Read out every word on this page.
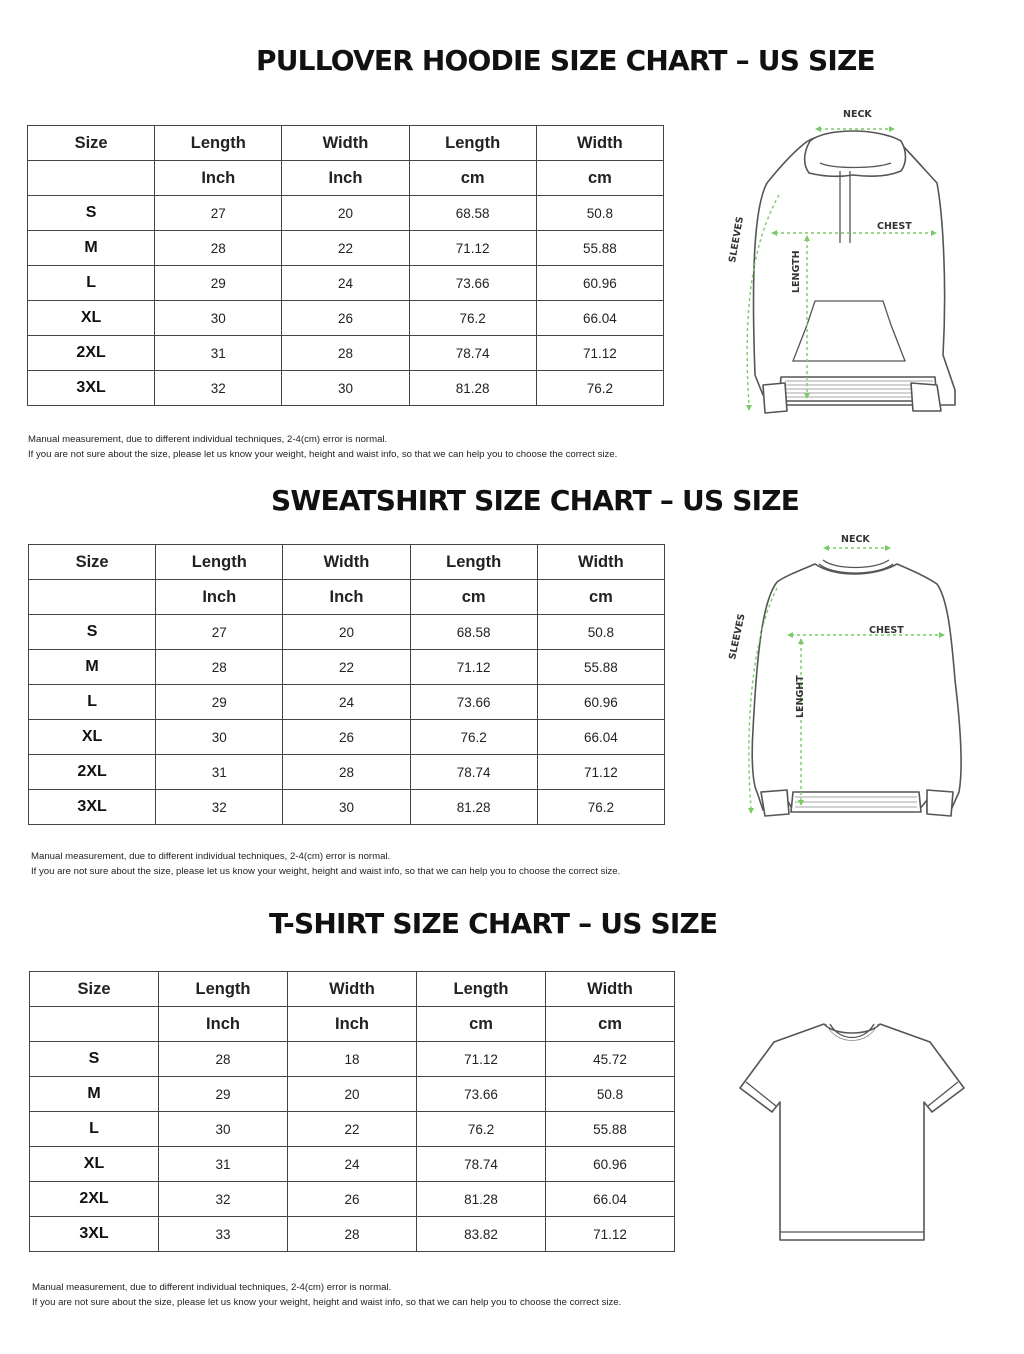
PULLOVER HOODIE SIZE CHART – US SIZE
Size	Length	Width	Length	Width
	Inch	Inch	cm	cm
S	27	20	68.58	50.8
M	28	22	71.12	55.88
L	29	24	73.66	60.96
XL	30	26	76.2	66.04
2XL	31	28	78.74	71.12
3XL	32	30	81.28	76.2
Manual measurement, due to different individual techniques, 2-4(cm) error is normal.
If you are not sure about the size, please let us know your weight, height and waist info, so that we can help you to choose the correct size.
NECK
CHEST
SLEEVES
LENGTH
SWEATSHIRT SIZE CHART – US SIZE
Size	Length	Width	Length	Width
	Inch	Inch	cm	cm
S	27	20	68.58	50.8
M	28	22	71.12	55.88
L	29	24	73.66	60.96
XL	30	26	76.2	66.04
2XL	31	28	78.74	71.12
3XL	32	30	81.28	76.2
Manual measurement, due to different individual techniques, 2-4(cm) error is normal.
If you are not sure about the size, please let us know your weight, height and waist info, so that we can help you to choose the correct size.
NECK
CHEST
SLEEVES
LENGHT
T-SHIRT SIZE CHART – US SIZE
Size	Length	Width	Length	Width
	Inch	Inch	cm	cm
S	28	18	71.12	45.72
M	29	20	73.66	50.8
L	30	22	76.2	55.88
XL	31	24	78.74	60.96
2XL	32	26	81.28	66.04
3XL	33	28	83.82	71.12
Manual measurement, due to different individual techniques, 2-4(cm) error is normal.
If you are not sure about the size, please let us know your weight, height and waist info, so that we can help you to choose the correct size.
